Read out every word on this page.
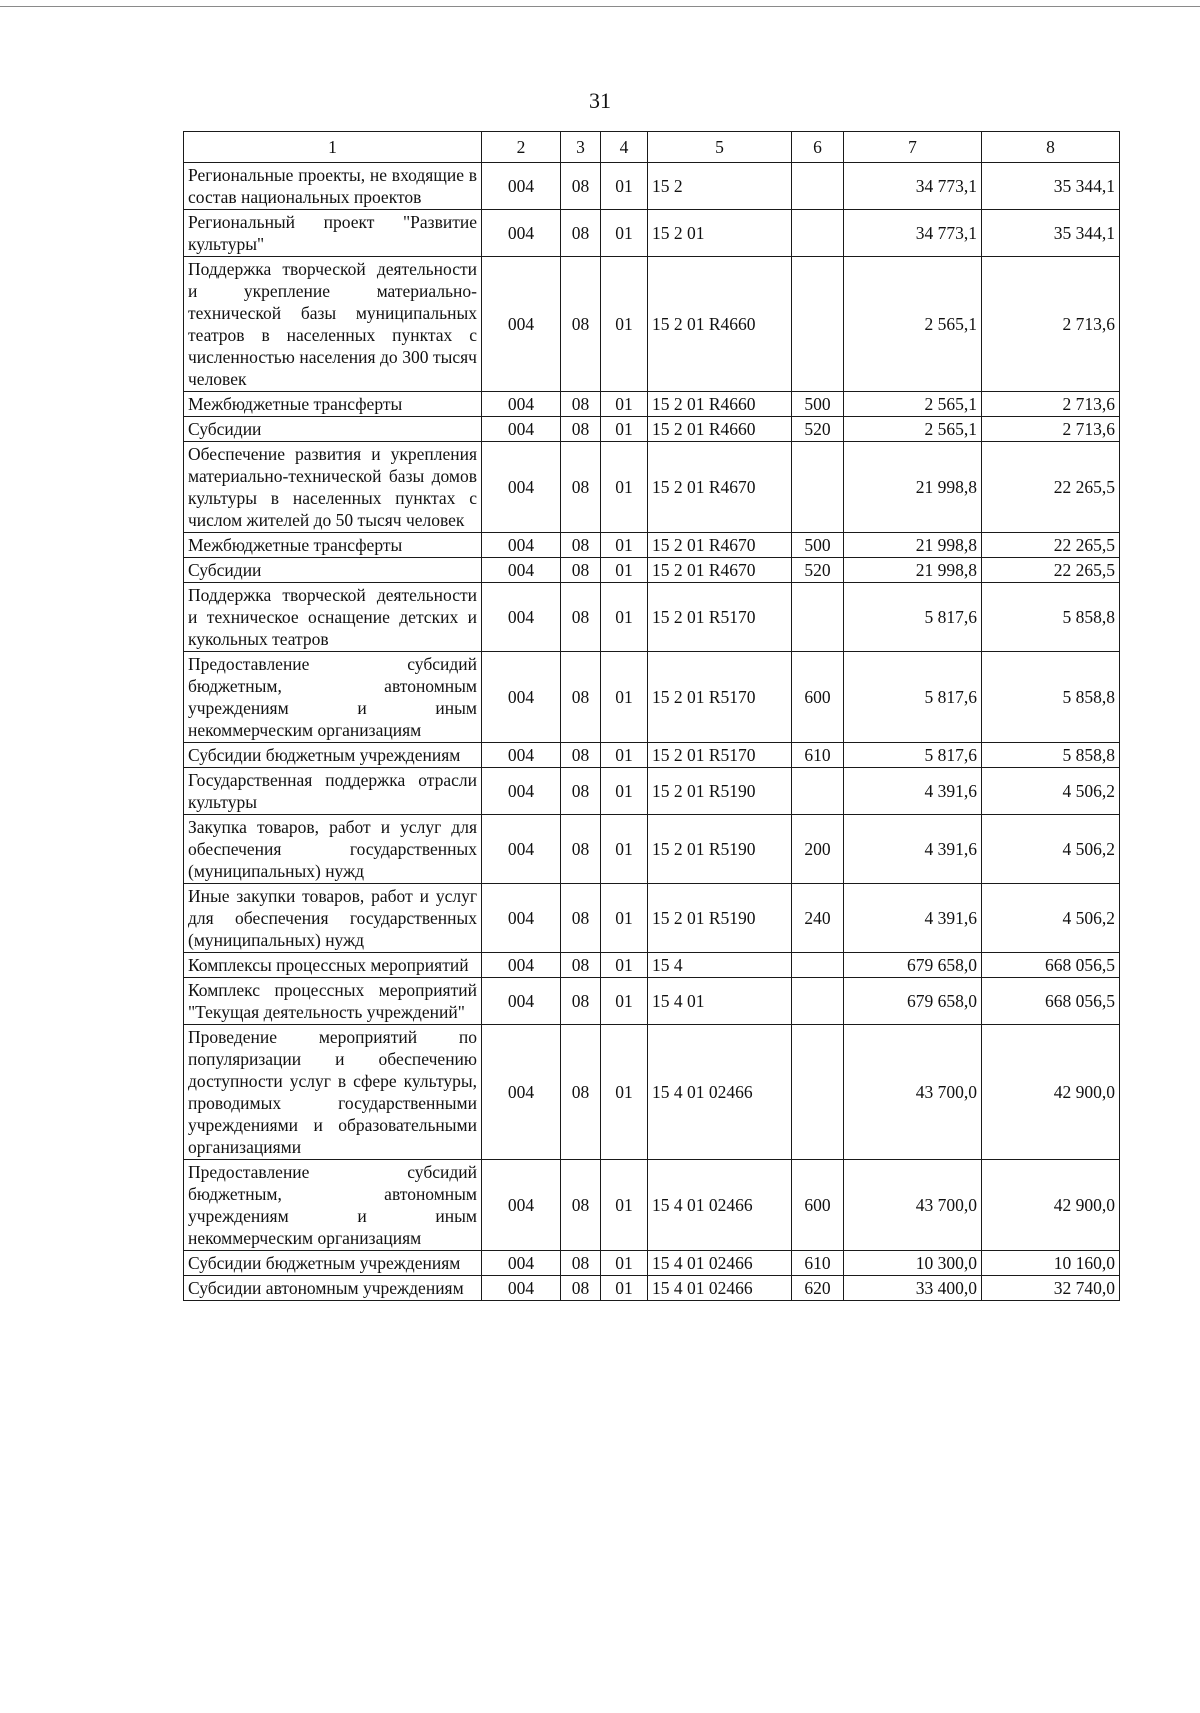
31
1	2	3	4	5	6	7	8
Региональные проекты, не входящие в состав национальных проектов	004	08	01	15 2		34 773,1	35 344,1
Региональный проект "Развитие культуры"	004	08	01	15 2 01		34 773,1	35 344,1
Поддержка творческой деятельности и укрепление материально-технической базы муниципальных театров в населенных пунктах с численностью населения до 300 тысяч человек	004	08	01	15 2 01 R4660		2 565,1	2 713,6
Межбюджетные трансферты	004	08	01	15 2 01 R4660	500	2 565,1	2 713,6
Субсидии	004	08	01	15 2 01 R4660	520	2 565,1	2 713,6
Обеспечение развития и укрепления материально-технической базы домов культуры в населенных пунктах с числом жителей до 50 тысяч человек	004	08	01	15 2 01 R4670		21 998,8	22 265,5
Межбюджетные трансферты	004	08	01	15 2 01 R4670	500	21 998,8	22 265,5
Субсидии	004	08	01	15 2 01 R4670	520	21 998,8	22 265,5
Поддержка творческой деятельности и техническое оснащение детских и кукольных театров	004	08	01	15 2 01 R5170		5 817,6	5 858,8
Предоставление субсидий бюджетным, автономным учреждениям и иным некоммерческим организациям	004	08	01	15 2 01 R5170	600	5 817,6	5 858,8
Субсидии бюджетным учреждениям	004	08	01	15 2 01 R5170	610	5 817,6	5 858,8
Государственная поддержка отрасли культуры	004	08	01	15 2 01 R5190		4 391,6	4 506,2
Закупка товаров, работ и услуг для обеспечения государственных (муниципальных) нужд	004	08	01	15 2 01 R5190	200	4 391,6	4 506,2
Иные закупки товаров, работ и услуг для обеспечения государственных (муниципальных) нужд	004	08	01	15 2 01 R5190	240	4 391,6	4 506,2
Комплексы процессных мероприятий	004	08	01	15 4		679 658,0	668 056,5
Комплекс процессных мероприятий "Текущая деятельность учреждений"	004	08	01	15 4 01		679 658,0	668 056,5
Проведение мероприятий по популяризации и обеспечению доступности услуг в сфере культуры, проводимых государственными учреждениями и образовательными организациями	004	08	01	15 4 01 02466		43 700,0	42 900,0
Предоставление субсидий бюджетным, автономным учреждениям и иным некоммерческим организациям	004	08	01	15 4 01 02466	600	43 700,0	42 900,0
Субсидии бюджетным учреждениям	004	08	01	15 4 01 02466	610	10 300,0	10 160,0
Субсидии автономным учреждениям	004	08	01	15 4 01 02466	620	33 400,0	32 740,0
